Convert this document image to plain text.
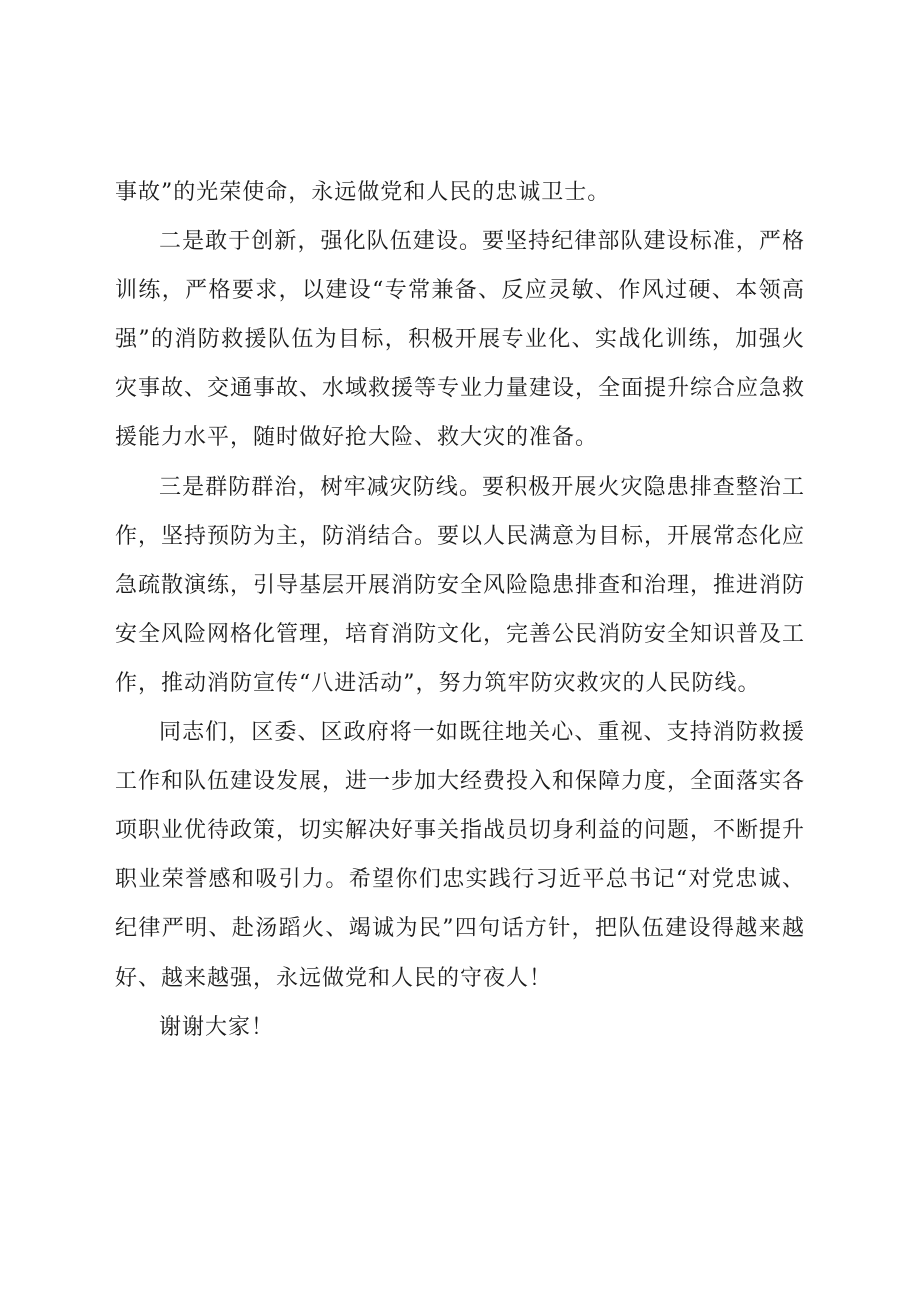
事故”的光荣使命，永远做党和人民的忠诚卫士。

二是敢于创新，强化队伍建设。要坚持纪律部队建设标准，严格训练，严格要求，以建设“专常兼备、反应灵敏、作风过硬、本领高强”的消防救援队伍为目标，积极开展专业化、实战化训练，加强火灾事故、交通事故、水域救援等专业力量建设，全面提升综合应急救援能力水平，随时做好抢大险、救大灾的准备。

三是群防群治，树牢减灾防线。要积极开展火灾隐患排查整治工作，坚持预防为主，防消结合。要以人民满意为目标，开展常态化应急疏散演练，引导基层开展消防安全风险隐患排查和治理，推进消防安全风险网格化管理，培育消防文化，完善公民消防安全知识普及工作，推动消防宣传“八进活动”，努力筑牢防灾救灾的人民防线。

同志们，区委、区政府将一如既往地关心、重视、支持消防救援工作和队伍建设发展，进一步加大经费投入和保障力度，全面落实各项职业优待政策，切实解决好事关指战员切身利益的问题，不断提升职业荣誉感和吸引力。希望你们忠实践行习近平总书记“对党忠诚、纪律严明、赴汤蹈火、竭诚为民”四句话方针，把队伍建设得越来越好、越来越强，永远做党和人民的守夜人！

谢谢大家！
